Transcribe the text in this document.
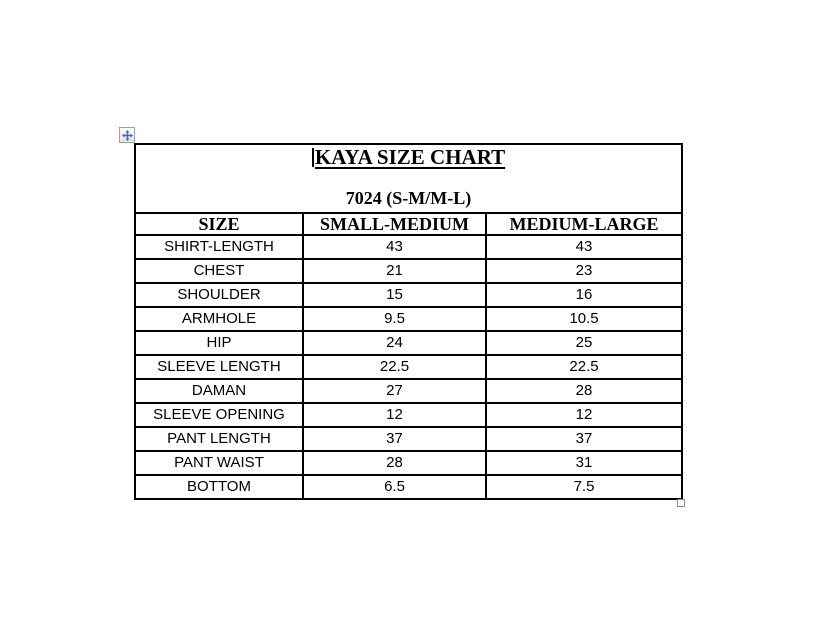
KAYA SIZE CHART
7024 (S-M/M-L)		

SIZE	SMALL-MEDIUM	MEDIUM-LARGE
SHIRT-LENGTH	43	43
CHEST	21	23
SHOULDER	15	16
ARMHOLE	9.5	10.5
HIP	24	25
SLEEVE LENGTH	22.5	22.5
DAMAN	27	28
SLEEVE OPENING	12	12
PANT LENGTH	37	37
PANT WAIST	28	31
BOTTOM	6.5	7.5
